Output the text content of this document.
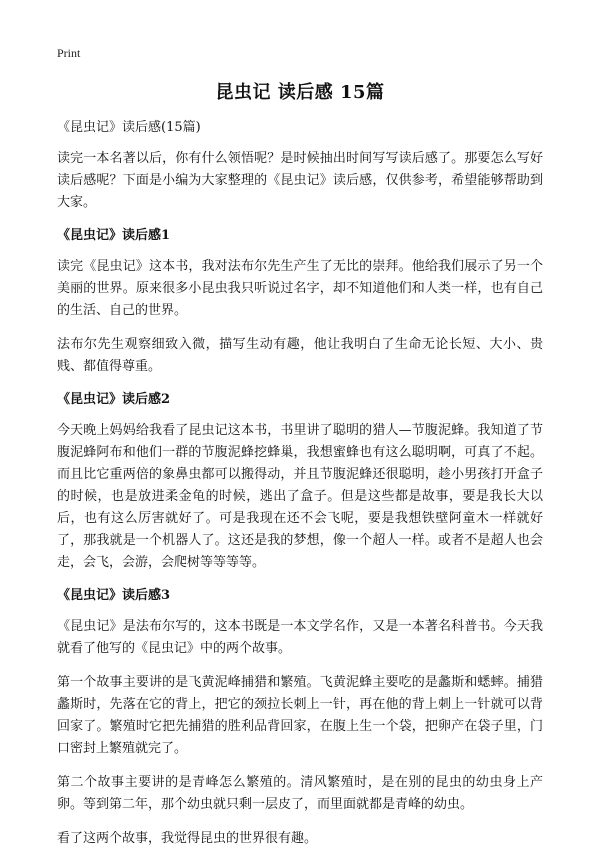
Print
昆虫记 读后感 15篇
《昆虫记》读后感(15篇)

读完一本名著以后，你有什么领悟呢？是时候抽出时间写写读后感了。那要怎么写好读后感呢？下面是小编为大家整理的《昆虫记》读后感，仅供参考，希望能够帮助到大家。

《昆虫记》读后感1

读完《昆虫记》这本书，我对法布尔先生产生了无比的崇拜。他给我们展示了另一个美丽的世界。原来很多小昆虫我只听说过名字，却不知道他们和人类一样，也有自己的生活、自己的世界。

法布尔先生观察细致入微，描写生动有趣，他让我明白了生命无论长短、大小、贵贱、都值得尊重。

《昆虫记》读后感2

今天晚上妈妈给我看了昆虫记这本书，书里讲了聪明的猎人—节腹泥蜂。我知道了节腹泥蜂阿布和他们一群的节腹泥蜂挖蜂巢，我想蜜蜂也有这么聪明啊，可真了不起。而且比它重两倍的象鼻虫都可以搬得动，并且节腹泥蜂还很聪明，趁小男孩打开盒子的时候，也是放进柔金龟的时候，逃出了盒子。但是这些都是故事，要是我长大以后，也有这么厉害就好了。可是我现在还不会飞呢，要是我想铁壁阿童木一样就好了，那我就是一个机器人了。这还是我的梦想，像一个超人一样。或者不是超人也会走，会飞，会游，会爬树等等等等。

《昆虫记》读后感3

《昆虫记》是法布尔写的，这本书既是一本文学名作，又是一本著名科普书。今天我就看了他写的《昆虫记》中的两个故事。

第一个故事主要讲的是飞黄泥峰捕猎和繁殖。飞黄泥蜂主要吃的是蠡斯和蟋蟀。捕猎蠡斯时，先落在它的背上，把它的颈拉长刺上一针，再在他的背上刺上一针就可以背回家了。繁殖时它把先捕猎的胜利品背回家，在腹上生一个袋，把卵产在袋子里，门口密封上繁殖就完了。

第二个故事主要讲的是青峰怎么繁殖的。清风繁殖时，是在别的昆虫的幼虫身上产卵。等到第二年，那个幼虫就只剩一层皮了，而里面就都是青峰的幼虫。

看了这两个故事，我觉得昆虫的世界很有趣。
